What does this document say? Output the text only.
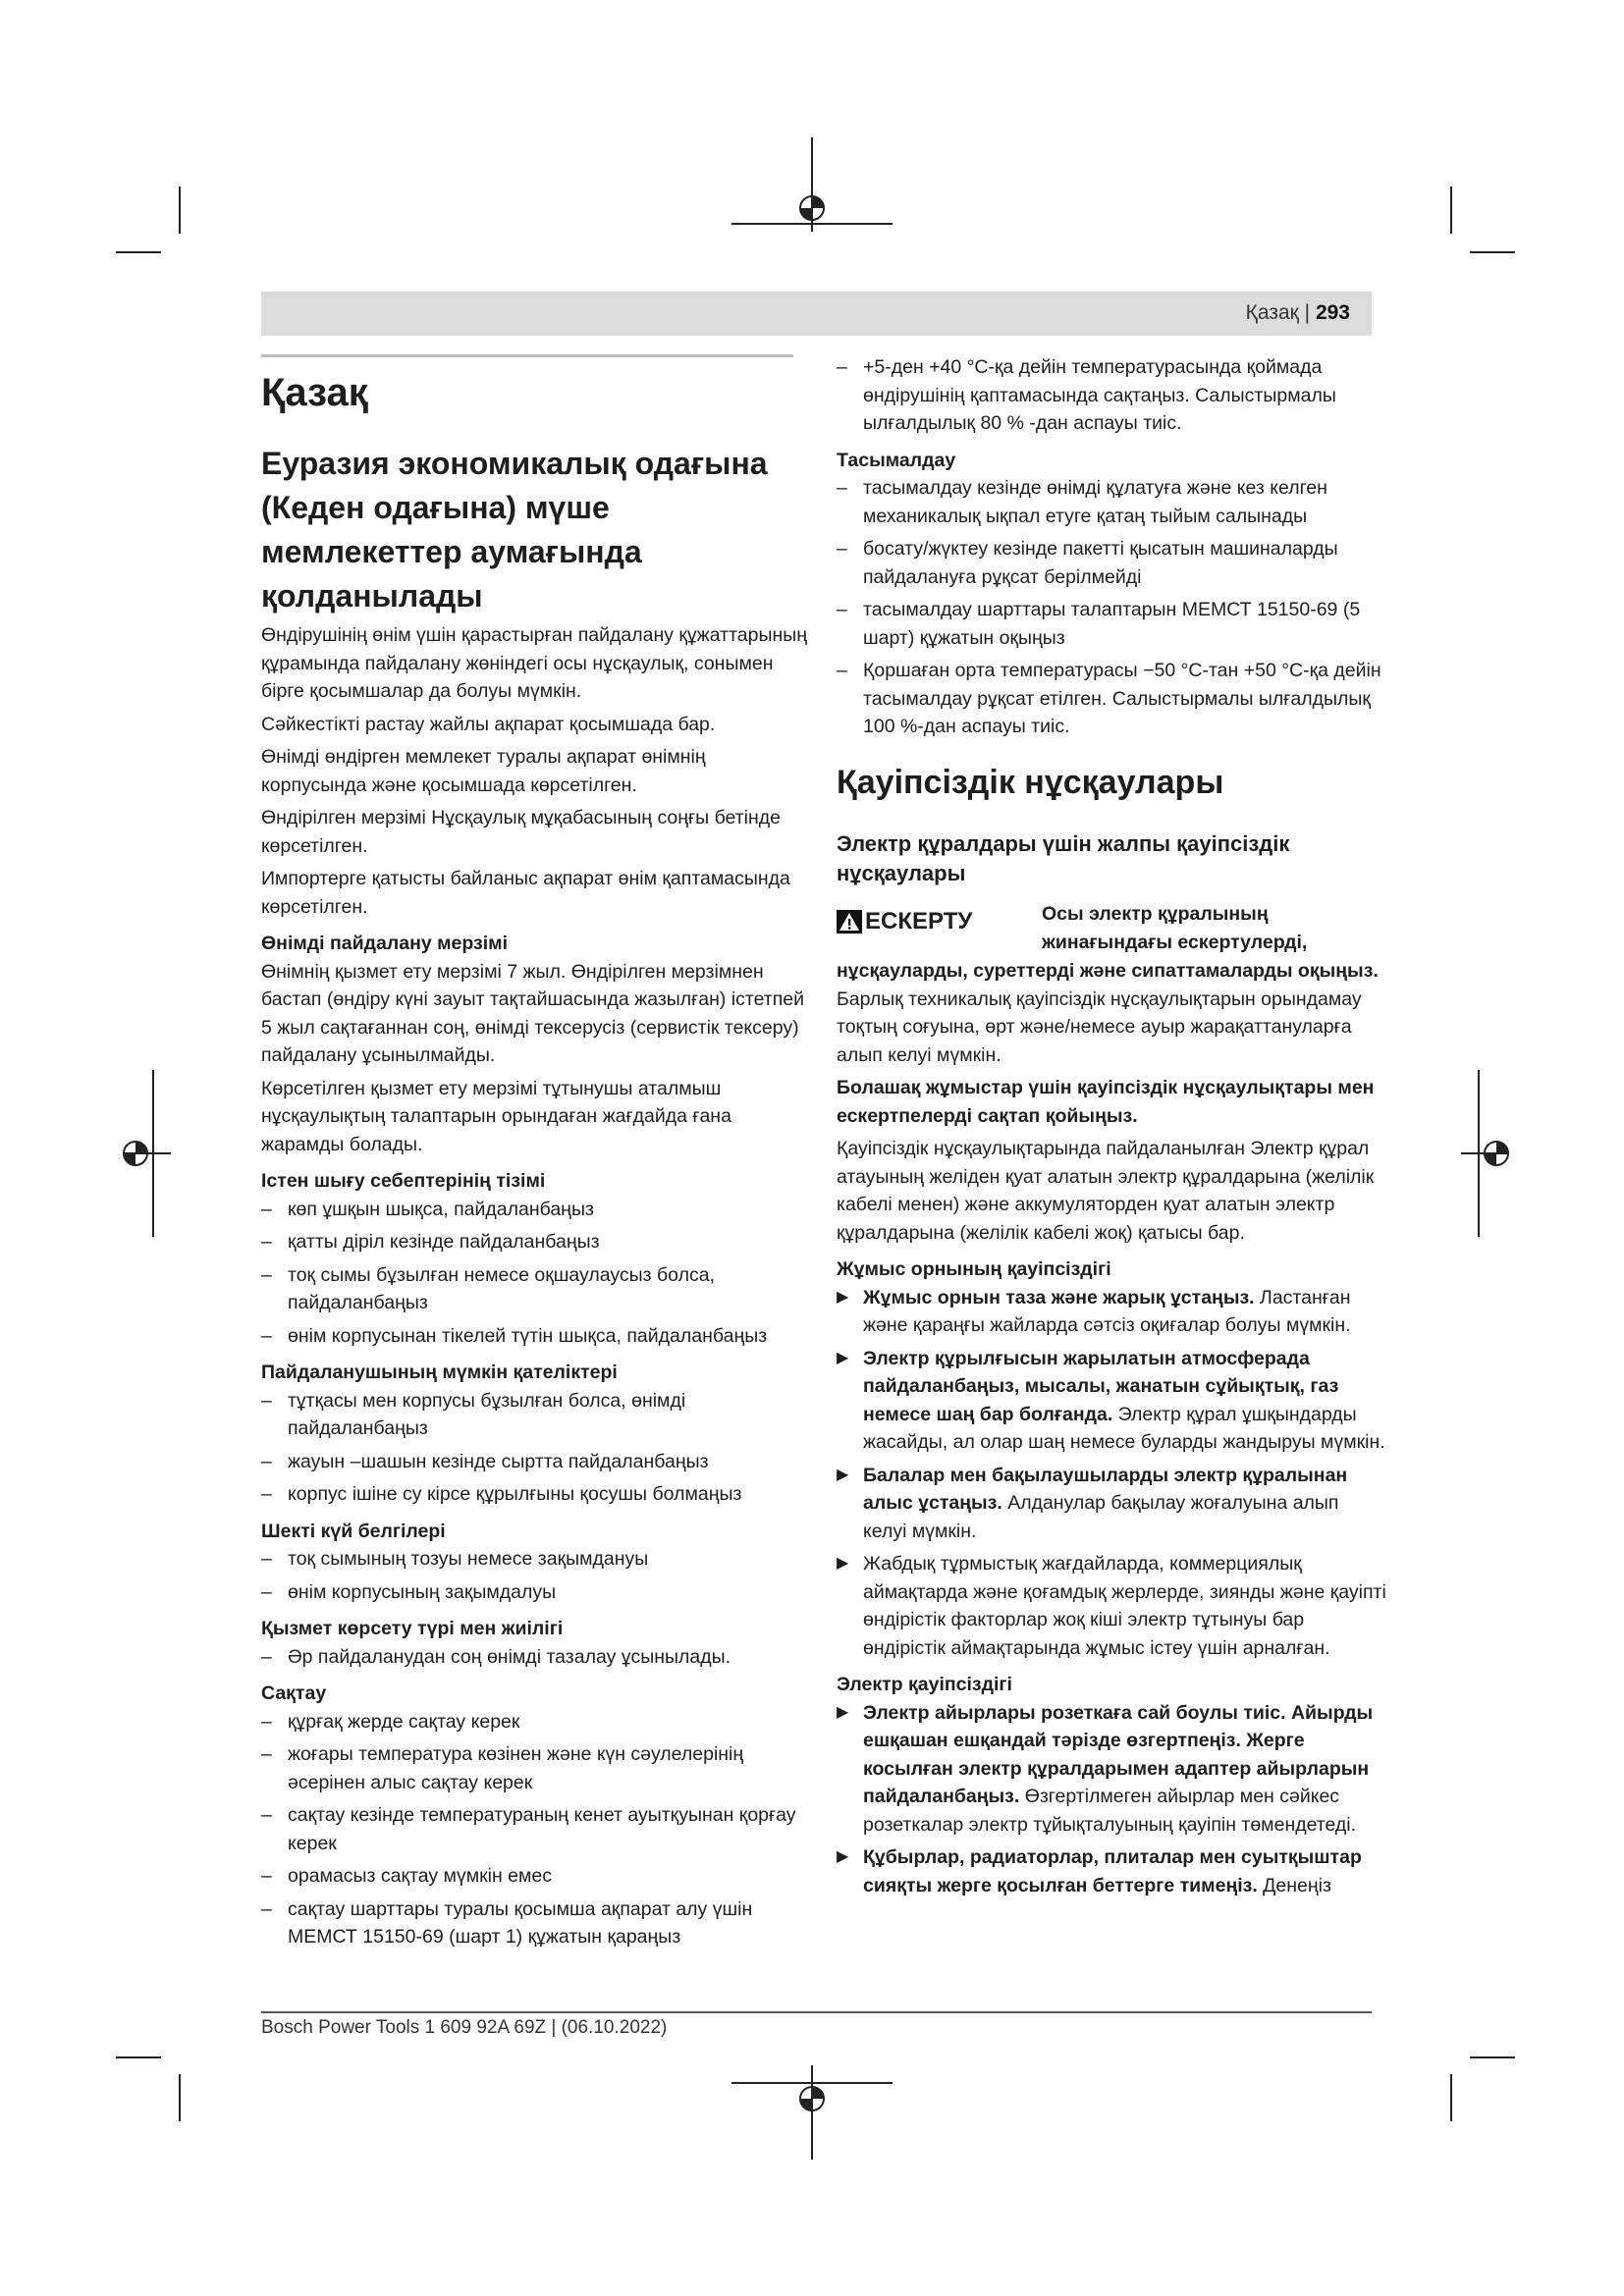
Қазақ | 293
Қазақ
Еуразия экономикалық одағына (Кеден одағына) мүше мемлекеттер аумағында қолданылады

Өндірушінің өнім үшін қарастырған пайдалану құжаттарының құрамында пайдалану жөніндегі осы нұсқаулық, сонымен бірге қосымшалар да болуы мүмкін.

Сәйкестікті растау жайлы ақпарат қосымшада бар.

Өнімді өндірген мемлекет туралы ақпарат өнімнің корпусында және қосымшада көрсетілген.

Өндірілген мерзімі Нұсқаулық мұқабасының соңғы бетінде көрсетілген.

Импортерге қатысты байланыс ақпарат өнім қаптамасында көрсетілген.

Өнімді пайдалану мерзімі

Өнімнің қызмет ету мерзімі 7 жыл. Өндірілген мерзімнен бастап (өндіру күні зауыт тақтайшасында жазылған) істетпей 5 жыл сақтағаннан соң, өнімді тексерусіз (сервистік тексеру) пайдалану ұсынылмайды.

Көрсетілген қызмет ету мерзімі тұтынушы аталмыш нұсқаулықтың талаптарын орындаған жағдайда ғана жарамды болады.

Істен шығу себептерінің тізімі
– көп ұшқын шықса, пайдаланбаңыз
– қатты діріл кезінде пайдаланбаңыз
– тоқ сымы бұзылған немесе оқшаулаусыз болса, пайдаланбаңыз
– өнім корпусынан тікелей түтін шықса, пайдаланбаңыз
Пайдаланушының мүмкін қателіктері
– тұтқасы мен корпусы бұзылған болса, өнімді пайдаланбаңыз
– жауын –шашын кезінде сыртта пайдаланбаңыз
– корпус ішіне су кірсе құрылғыны қосушы болмаңыз
Шекті күй белгілері
– тоқ сымының тозуы немесе зақымдануы
– өнім корпусының зақымдалуы
Қызмет көрсету түрі мен жиілігі
– Әр пайдаланудан соң өнімді тазалау ұсынылады.
Сақтау
– құрғақ жерде сақтау керек
– жоғары температура көзінен және күн сәулелерінің әсерінен алыс сақтау керек
– сақтау кезінде температураның кенет ауытқуынан қорғау керек
– орамасыз сақтау мүмкін емес
– сақтау шарттары туралы қосымша ақпарат алу үшін МЕМСТ 15150-69 (шарт 1) құжатын қараңыз
– +5-ден +40 °C-қа дейін температурасында қоймада өндірушінің қаптамасында сақтаңыз. Салыстырмалы ылғалдылық 80 % -дан аспауы тиіс.
Тасымалдау
– тасымалдау кезінде өнімді құлатуға және кез келген механикалық ықпал етуге қатаң тыйым салынады
– босату/жүктеу кезінде пакетті қысатын машиналарды пайдалануға рұқсат берілмейді
– тасымалдау шарттары талаптарын МЕМСТ 15150-69 (5 шарт) құжатын оқыңыз
– Қоршаған орта температурасы −50 °C-тан +50 °C-қа дейін тасымалдау рұқсат етілген. Салыстырмалы ылғалдылық 100 %-дан аспауы тиіс.
Қауіпсіздік нұсқаулары
Электр құралдары үшін жалпы қауіпсіздік нұсқаулары
ЕСКЕРТУ	Осы электр құралының жинағындағы ескертулерді,

нұсқауларды, суреттерді және сипаттамаларды оқыңыз. Барлық техникалық қауіпсіздік нұсқаулықтарын орындамау тоқтың соғуына, өрт және/немесе ауыр жарақаттануларға алып келуі мүмкін.

Болашақ жұмыстар үшін қауіпсіздік нұсқаулықтары мен ескертпелерді сақтап қойыңыз.

Қауіпсіздік нұсқаулықтарында пайдаланылған Электр құрал атауының желіден қуат алатын электр құралдарына (желілік кабелі менен) және аккумуляторден қуат алатын электр құралдарына (желілік кабелі жоқ) қатысы бар.

Жұмыс орнының қауіпсіздігі
▶ Жұмыс орнын таза және жарық ұстаңыз. Ластанған және қараңғы жайларда сәтсіз оқиғалар болуы мүмкін.
▶ Электр құрылғысын жарылатын атмосферада пайдаланбаңыз, мысалы, жанатын сұйықтық, газ немесе шаң бар болғанда. Электр құрал ұшқындарды жасайды, ал олар шаң немесе буларды жандыруы мүмкін.
▶ Балалар мен бақылаушыларды электр құралынан алыс ұстаңыз. Алданулар бақылау жоғалуына алып келуі мүмкін.
▶ Жабдық тұрмыстық жағдайларда, коммерциялық аймақтарда және қоғамдық жерлерде, зиянды және қауіпті өндірістік факторлар жоқ кіші электр тұтынуы бар өндірістік аймақтарында жұмыс істеу үшін арналған.
Электр қауіпсіздігі
▶ Электр айырлары розеткаға сай боулы тиіс. Айырды ешқашан ешқандай тәрізде өзгертпеңіз. Жерге косылған электр құралдарымен адаптер айырларын пайдаланбаңыз. Өзгертілмеген айырлар мен сәйкес розеткалар электр тұйықталуының қауіпін төмендетеді.
▶ Құбырлар, радиаторлар, плиталар мен суытқыштар сияқты жерге қосылған беттерге тимеңіз. Денеңіз
Bosch Power Tools 1 609 92A 69Z | (06.10.2022)
